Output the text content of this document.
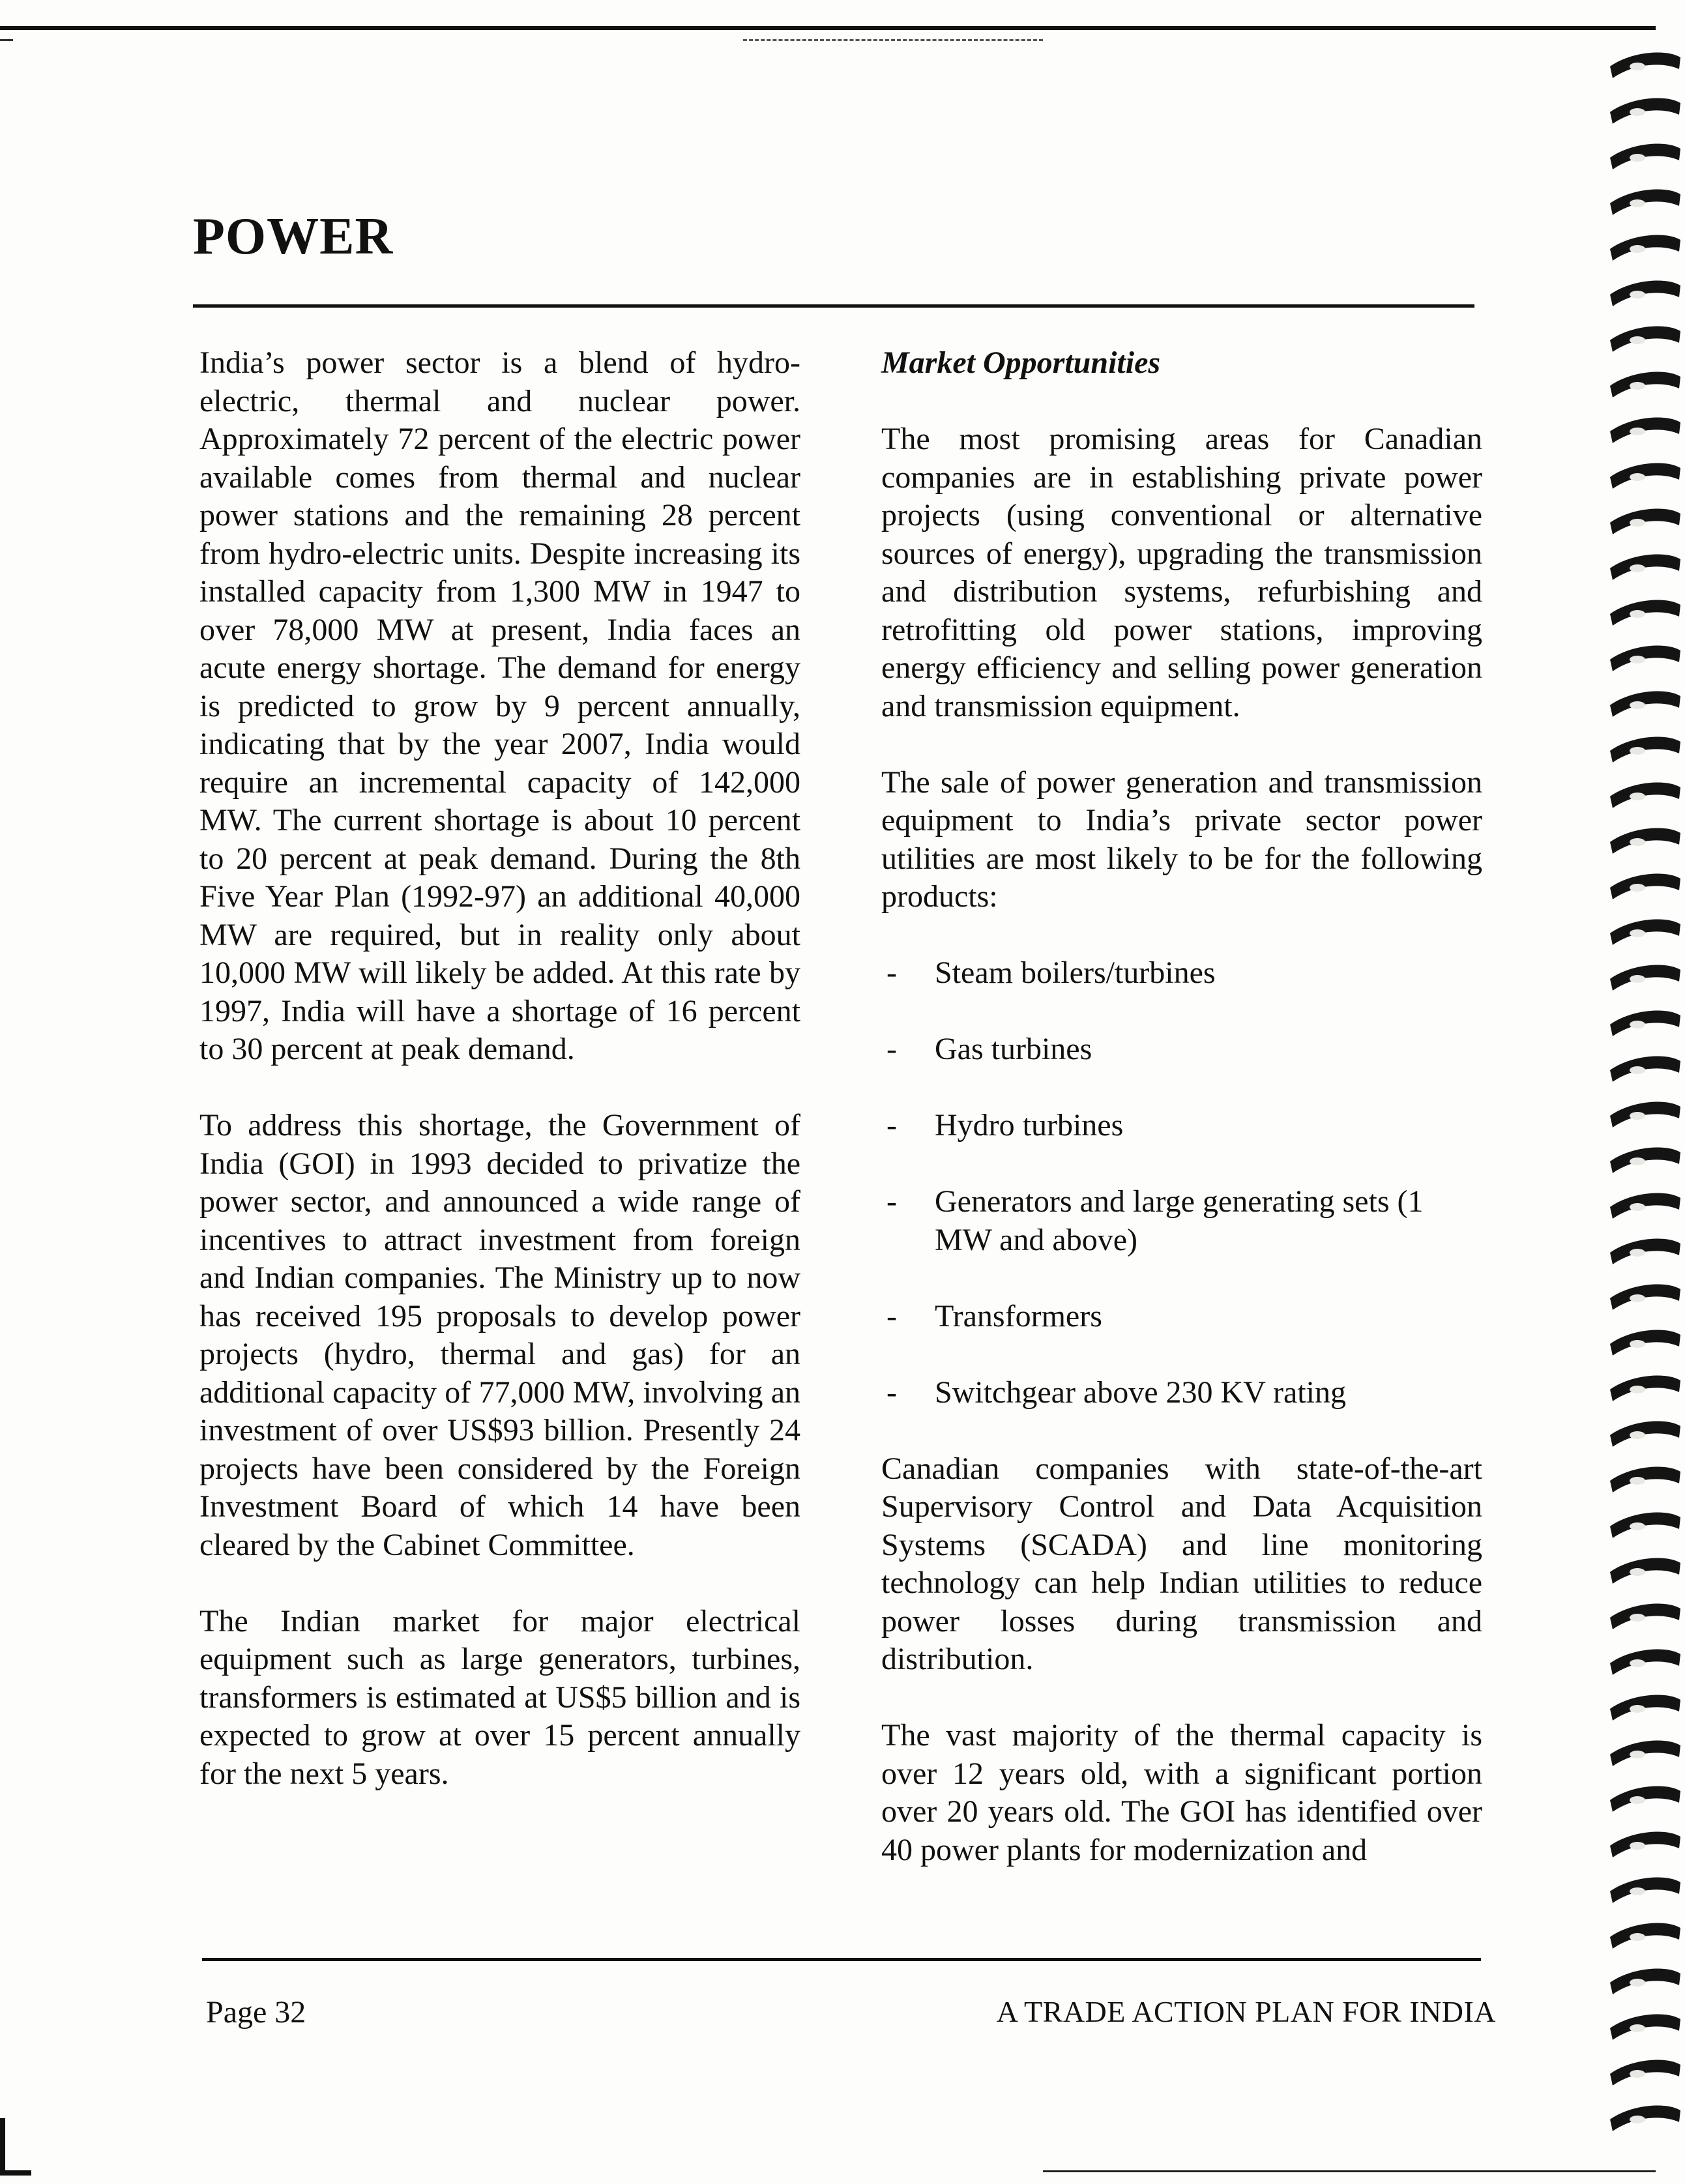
POWER

India’s power sector is a blend of hydro-electric, thermal and nuclear power. Approximately 72 percent of the electric power available comes from thermal and nuclear power stations and the remaining 28 percent from hydro-electric units. Despite increasing its installed capacity from 1,300 MW in 1947 to over 78,000 MW at present, India faces an acute energy shortage. The demand for energy is predicted to grow by 9 percent annually, indicating that by the year 2007, India would require an incremental capacity of 142,000 MW. The current shortage is about 10 percent to 20 percent at peak demand. During the 8th Five Year Plan (1992-97) an additional 40,000 MW are required, but in reality only about 10,000 MW will likely be added. At this rate by 1997, India will have a shortage of 16 percent to 30 percent at peak demand.

To address this shortage, the Government of India (GOI) in 1993 decided to privatize the power sector, and announced a wide range of incentives to attract investment from foreign and Indian companies. The Ministry up to now has received 195 proposals to develop power projects (hydro, thermal and gas) for an additional capacity of 77,000 MW, involving an investment of over US$93 billion. Presently 24 projects have been considered by the Foreign Investment Board of which 14 have been cleared by the Cabinet Committee.

The Indian market for major electrical equipment such as large generators, turbines, transformers is estimated at US$5 billion and is expected to grow at over 15 percent annually for the next 5 years.

Market Opportunities

The most promising areas for Canadian companies are in establishing private power projects (using conventional or alternative sources of energy), upgrading the transmission and distribution systems, refurbishing and retrofitting old power stations, improving energy efficiency and selling power generation and transmission equipment.

The sale of power generation and transmission equipment to India’s private sector power utilities are most likely to be for the following products:

- Steam boilers/turbines
- Gas turbines
- Hydro turbines
- Generators and large generating sets (1 MW and above)
- Transformers
- Switchgear above 230 KV rating

Canadian companies with state-of-the-art Supervisory Control and Data Acquisition Systems (SCADA) and line monitoring technology can help Indian utilities to reduce power losses during transmission and distribution.

The vast majority of the thermal capacity is over 12 years old, with a significant portion over 20 years old. The GOI has identified over 40 power plants for modernization and

Page 32	A TRADE ACTION PLAN FOR INDIA
